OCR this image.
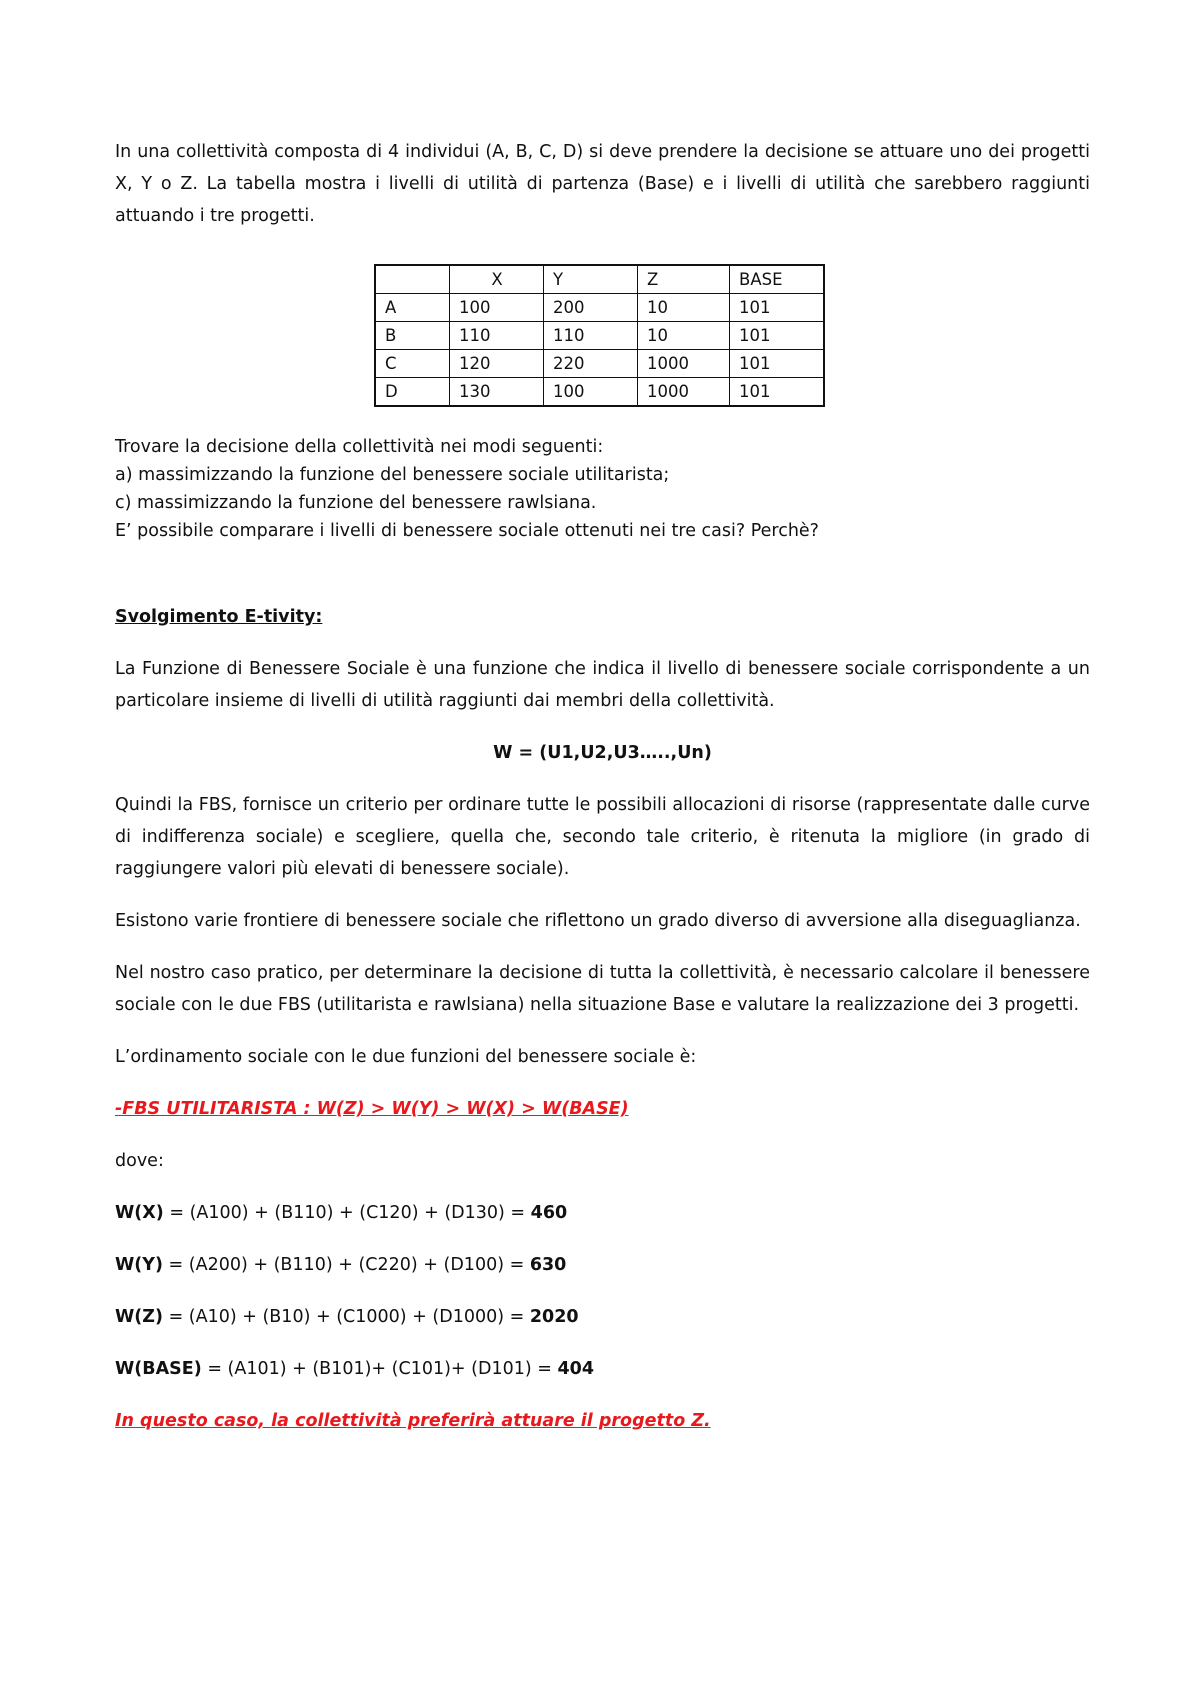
In una collettività composta di 4 individui (A, B, C, D) si deve prendere la decisione se attuare uno dei progetti X, Y o Z. La tabella mostra i livelli di utilità di partenza (Base) e i livelli di utilità che sarebbero raggiunti attuando i tre progetti.

	X	Y	Z	BASE
A	100	200	10	101
B	110	110	10	101
C	120	220	1000	101
D	130	100	1000	101
Trovare la decisione della collettività nei modi seguenti:
a) massimizzando la funzione del benessere sociale utilitarista;
c) massimizzando la funzione del benessere rawlsiana.
E’ possibile comparare i livelli di benessere sociale ottenuti nei tre casi? Perchè?

Svolgimento E-tivity:

La Funzione di Benessere Sociale è una funzione che indica il livello di benessere sociale corrispondente a un particolare insieme di livelli di utilità raggiunti dai membri della collettività.

W = (U1,U2,U3…..,Un)

Quindi la FBS, fornisce un criterio per ordinare tutte le possibili allocazioni di risorse (rappresentate dalle curve di indifferenza sociale) e scegliere, quella che, secondo tale criterio, è ritenuta la migliore (in grado di raggiungere valori più elevati di benessere sociale).

Esistono varie frontiere di benessere sociale che riflettono un grado diverso di avversione alla diseguaglianza.

Nel nostro caso pratico, per determinare la decisione di tutta la collettività, è necessario calcolare il benessere sociale con le due FBS (utilitarista e rawlsiana) nella situazione Base e valutare la realizzazione dei 3 progetti.

L’ordinamento sociale con le due funzioni del benessere sociale è:

-FBS UTILITARISTA : W(Z) > W(Y) > W(X) > W(BASE)

dove:

W(X) = (A100) + (B110) + (C120) + (D130) = 460

W(Y) = (A200) + (B110) + (C220) + (D100) = 630

W(Z) = (A10) + (B10) + (C1000) + (D1000) = 2020

W(BASE) = (A101) + (B101)+ (C101)+ (D101) = 404

In questo caso, la collettività preferirà attuare il progetto Z.
